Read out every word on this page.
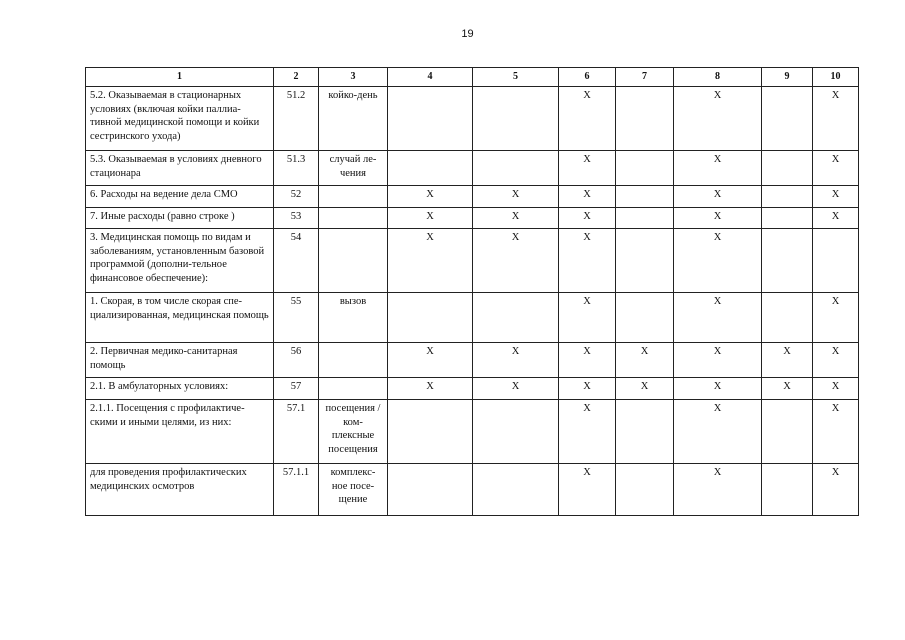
19
1	2	3	4	5	6	7	8	9	10
5.2. Оказываемая в стационарных условиях (включая койки паллиа-тивной медицинской помощи и койки сестринского ухода)	51.2	койко-день			X		X		X
5.3. Оказываемая в условиях дневного стационара	51.3	случай ле-чения			X		X		X
6. Расходы на ведение дела СМО	52		X	X	X		X		X
7. Иные расходы (равно строке )	53		X	X	X		X		X
3. Медицинская помощь по видам и заболеваниям, установленным базовой программой (дополни-тельное финансовое обеспечение):	54		X	X	X		X		
1. Скорая, в том числе скорая спе-циализированная, медицинская помощь	55	вызов			X		X		X
2. Первичная медико-санитарная помощь	56		X	X	X	X	X	X	X
2.1. В амбулаторных условиях:	57		X	X	X	X	X	X	X
2.1.1. Посещения с профилактиче-скими и иными целями, из них:	57.1	посещения / ком-плексные посещения			X		X		X
для проведения профилактических медицинских осмотров	57.1.1	комплекс-ное посе-щение			X		X		X
